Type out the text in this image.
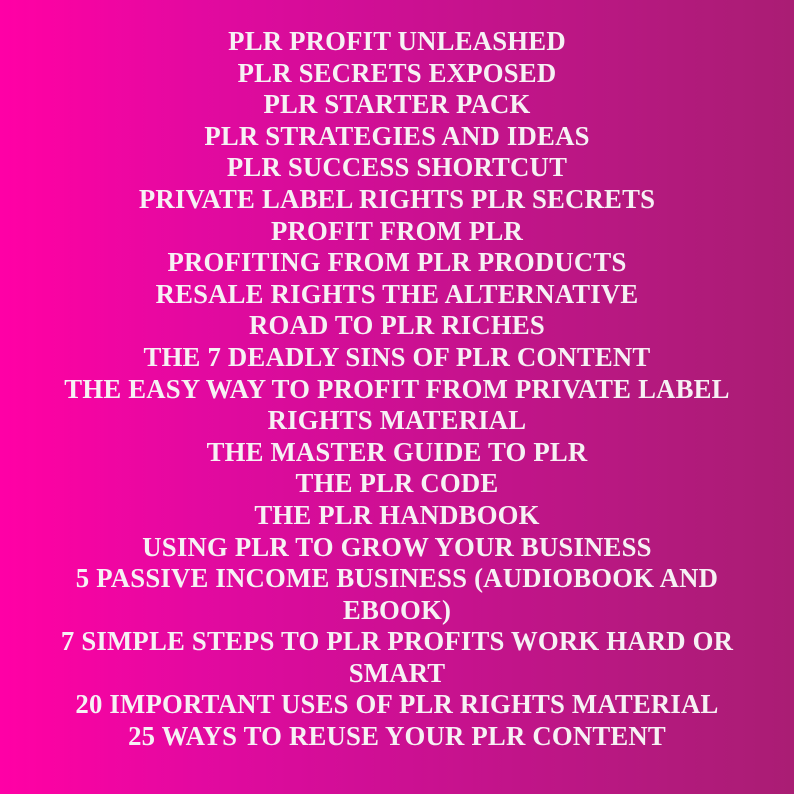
PLR PROFIT UNLEASHED
PLR SECRETS EXPOSED
PLR STARTER PACK
PLR STRATEGIES AND IDEAS
PLR SUCCESS SHORTCUT
PRIVATE LABEL RIGHTS PLR SECRETS
PROFIT FROM PLR
PROFITING FROM PLR PRODUCTS
RESALE RIGHTS THE ALTERNATIVE
ROAD TO PLR RICHES
THE 7 DEADLY SINS OF PLR CONTENT
THE EASY WAY TO PROFIT FROM PRIVATE LABEL
RIGHTS MATERIAL
THE MASTER GUIDE TO PLR
THE PLR CODE
THE PLR HANDBOOK
USING PLR TO GROW YOUR BUSINESS
5 PASSIVE INCOME BUSINESS (AUDIOBOOK AND
EBOOK)
7 SIMPLE STEPS TO PLR PROFITS WORK HARD OR
SMART
20 IMPORTANT USES OF PLR RIGHTS MATERIAL
25 WAYS TO REUSE YOUR PLR CONTENT
